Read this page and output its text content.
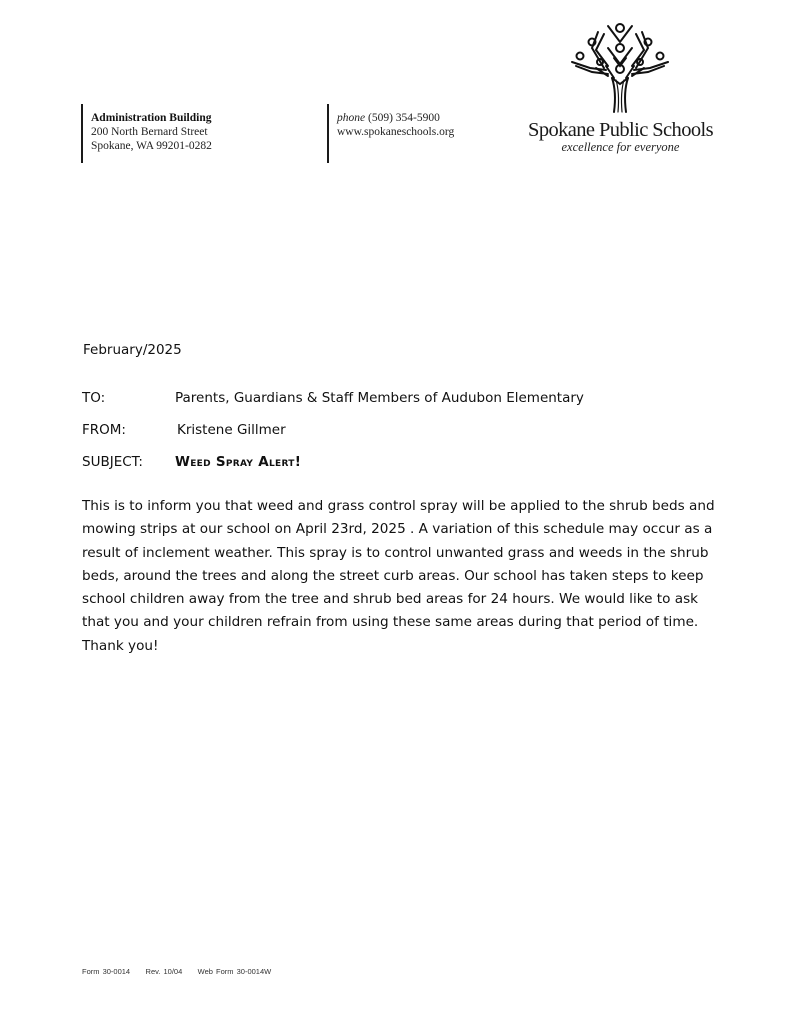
Administration Building
200 North Bernard Street
Spokane, WA 99201-0282
phone (509) 354-5900
www.spokaneschools.org	Spokane Public Schools
excellence for everyone
February/2025
TO:	Parents, Guardians & Staff Members of Audubon Elementary
FROM:	Kristene Gillmer
SUBJECT: Weed Spray Alert!

This is to inform you that weed and grass control spray will be applied to the shrub beds and mowing strips at our school on April 23rd, 2025 . A variation of this schedule may occur as a result of inclement weather. This spray is to control unwanted grass and weeds in the shrub beds, around the trees and along the street curb areas. Our school has taken steps to keep school children away from the tree and shrub bed areas for 24 hours. We would like to ask that you and your children refrain from using these same areas during that period of time. Thank you!

Form 30-0014     Rev. 10/04     Web Form 30-0014W
